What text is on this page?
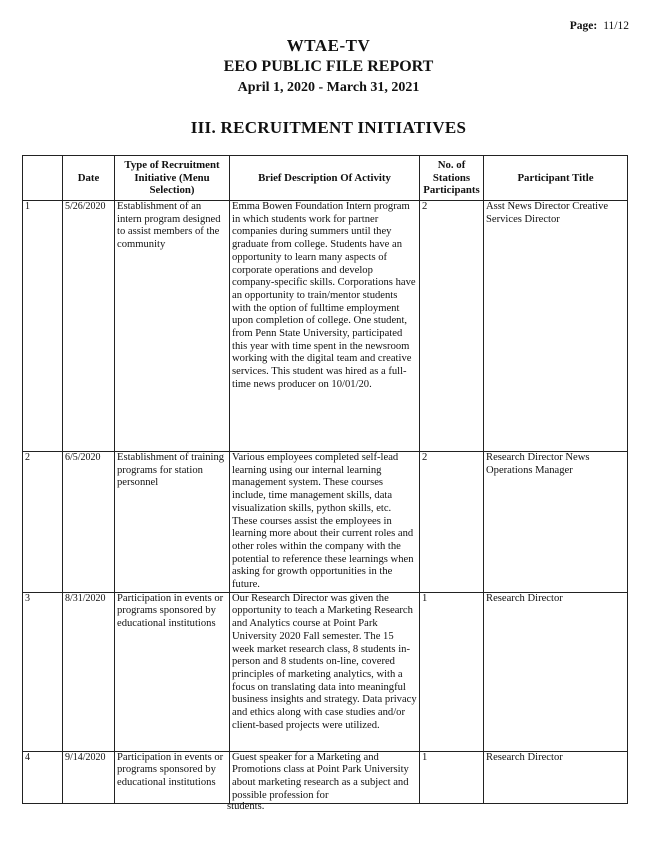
Page: 11/12
WTAE-TV
EEO PUBLIC FILE REPORT
April 1, 2020 - March 31, 2021
III. RECRUITMENT INITIATIVES
	Date	Type of Recruitment Initiative (Menu Selection)	Brief Description Of Activity	No. of Stations Participants	Participant Title
1	5/26/2020	Establishment of an intern program designed to assist members of the community	Emma Bowen Foundation Intern program in which students work for partner companies during summers until they graduate from college. Students have an opportunity to learn many aspects of corporate operations and develop company-specific skills. Corporations have an opportunity to train/mentor students with the option of fulltime employment upon completion of college. One student, from Penn State University, participated this year with time spent in the newsroom working with the digital team and creative services. This student was hired as a full-time news producer on 10/01/20.	2	Asst News Director Creative Services Director
2	6/5/2020	Establishment of training programs for station personnel	Various employees completed self-lead learning using our internal learning management system. These courses include, time management skills, data visualization skills, python skills, etc. These courses assist the employees in learning more about their current roles and other roles within the company with the potential to reference these learnings when asking for growth opportunities in the future.	2	Research Director News Operations Manager
3	8/31/2020	Participation in events or programs sponsored by educational institutions	Our Research Director was given the opportunity to teach a Marketing Research and Analytics course at Point Park University 2020 Fall semester. The 15 week market research class, 8 students in-person and 8 students on-line, covered principles of marketing analytics, with a focus on translating data into meaningful business insights and strategy. Data privacy and ethics along with case studies and/or client-based projects were utilized.	1	Research Director
4	9/14/2020	Participation in events or programs sponsored by educational institutions	Guest speaker for a Marketing and Promotions class at Point Park University about marketing research as a subject and possible profession for	1	Research Director
students.
